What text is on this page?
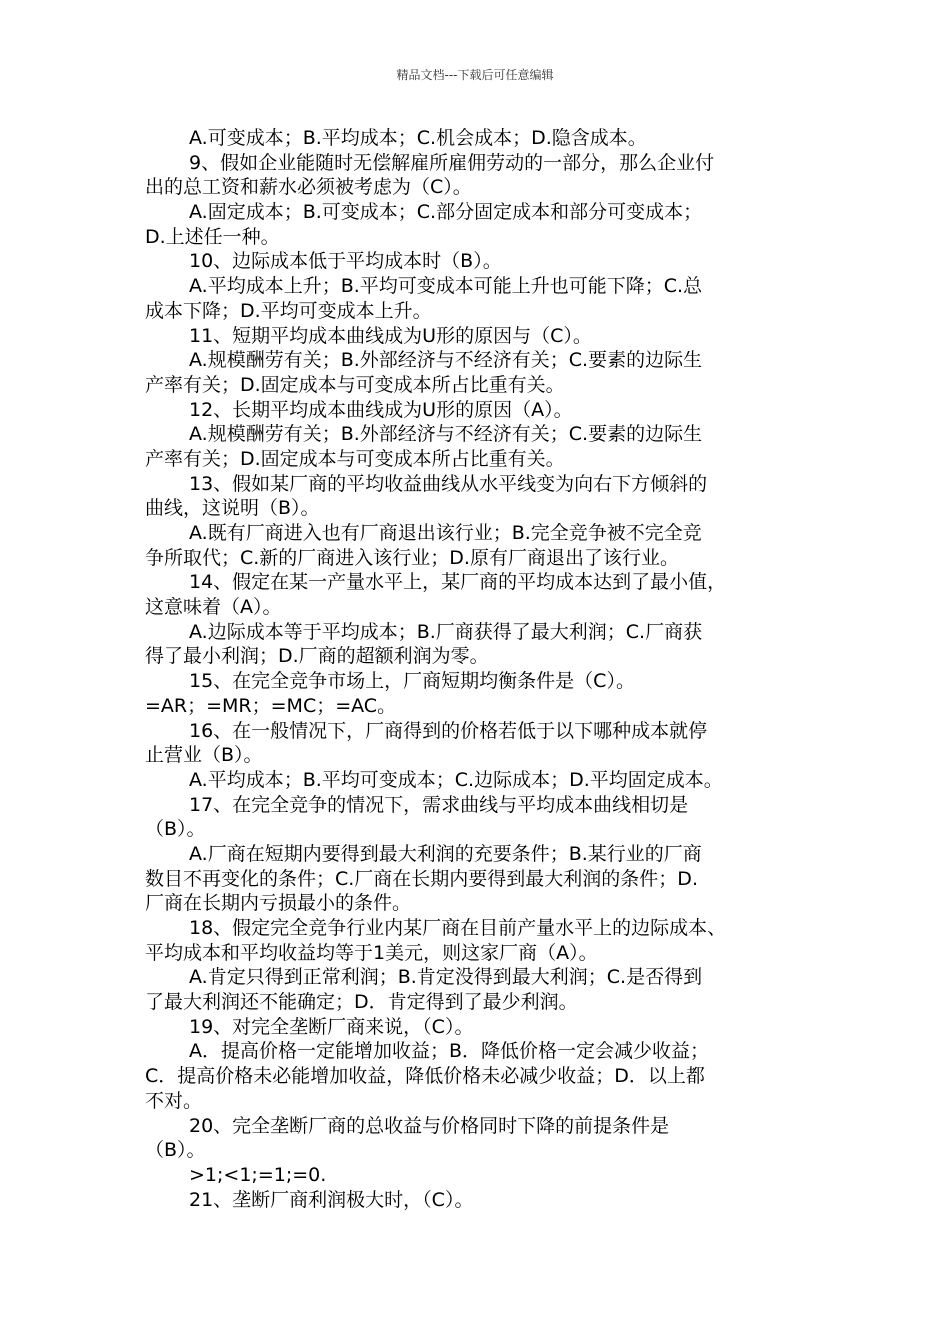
精品文档---下载后可任意编辑
A.可变成本；B.平均成本；C.机会成本；D.隐含成本。
9、假如企业能随时无偿解雇所雇佣劳动的一部分，那么企业付
出的总工资和薪水必须被考虑为（C）。
A.固定成本；B.可变成本；C.部分固定成本和部分可变成本；
D.上述任一种。
10、边际成本低于平均成本时（B）。
A.平均成本上升；B.平均可变成本可能上升也可能下降；C.总
成本下降；D.平均可变成本上升。
11、短期平均成本曲线成为U形的原因与（C）。
A.规模酬劳有关；B.外部经济与不经济有关；C.要素的边际生
产率有关；D.固定成本与可变成本所占比重有关。
12、长期平均成本曲线成为U形的原因（A）。
A.规模酬劳有关；B.外部经济与不经济有关；C.要素的边际生
产率有关；D.固定成本与可变成本所占比重有关。
13、假如某厂商的平均收益曲线从水平线变为向右下方倾斜的
曲线，这说明（B）。
A.既有厂商进入也有厂商退出该行业；B.完全竞争被不完全竞
争所取代；C.新的厂商进入该行业；D.原有厂商退出了该行业。
14、假定在某一产量水平上，某厂商的平均成本达到了最小值，
这意味着（A）。
A.边际成本等于平均成本；B.厂商获得了最大利润；C.厂商获
得了最小利润；D.厂商的超额利润为零。
15、在完全竞争市场上，厂商短期均衡条件是（C）。
=AR；=MR；=MC；=AC。
16、在一般情况下，厂商得到的价格若低于以下哪种成本就停
止营业（B）。
A.平均成本；B.平均可变成本；C.边际成本；D.平均固定成本。
17、在完全竞争的情况下，需求曲线与平均成本曲线相切是
（B）。
A.厂商在短期内要得到最大利润的充要条件；B.某行业的厂商
数目不再变化的条件；C.厂商在长期内要得到最大利润的条件；D.
厂商在长期内亏损最小的条件。
18、假定完全竞争行业内某厂商在目前产量水平上的边际成本、
平均成本和平均收益均等于1美元，则这家厂商（A）。
A.肯定只得到正常利润；B.肯定没得到最大利润；C.是否得到
了最大利润还不能确定；D．肯定得到了最少利润。
19、对完全垄断厂商来说，（C）。
A．提高价格一定能增加收益；B．降低价格一定会减少收益；
C．提高价格未必能增加收益，降低价格未必减少收益；D．以上都
不对。
20、完全垄断厂商的总收益与价格同时下降的前提条件是
（B）。
>1;<1;=1;=0.
21、垄断厂商利润极大时，（C）。
